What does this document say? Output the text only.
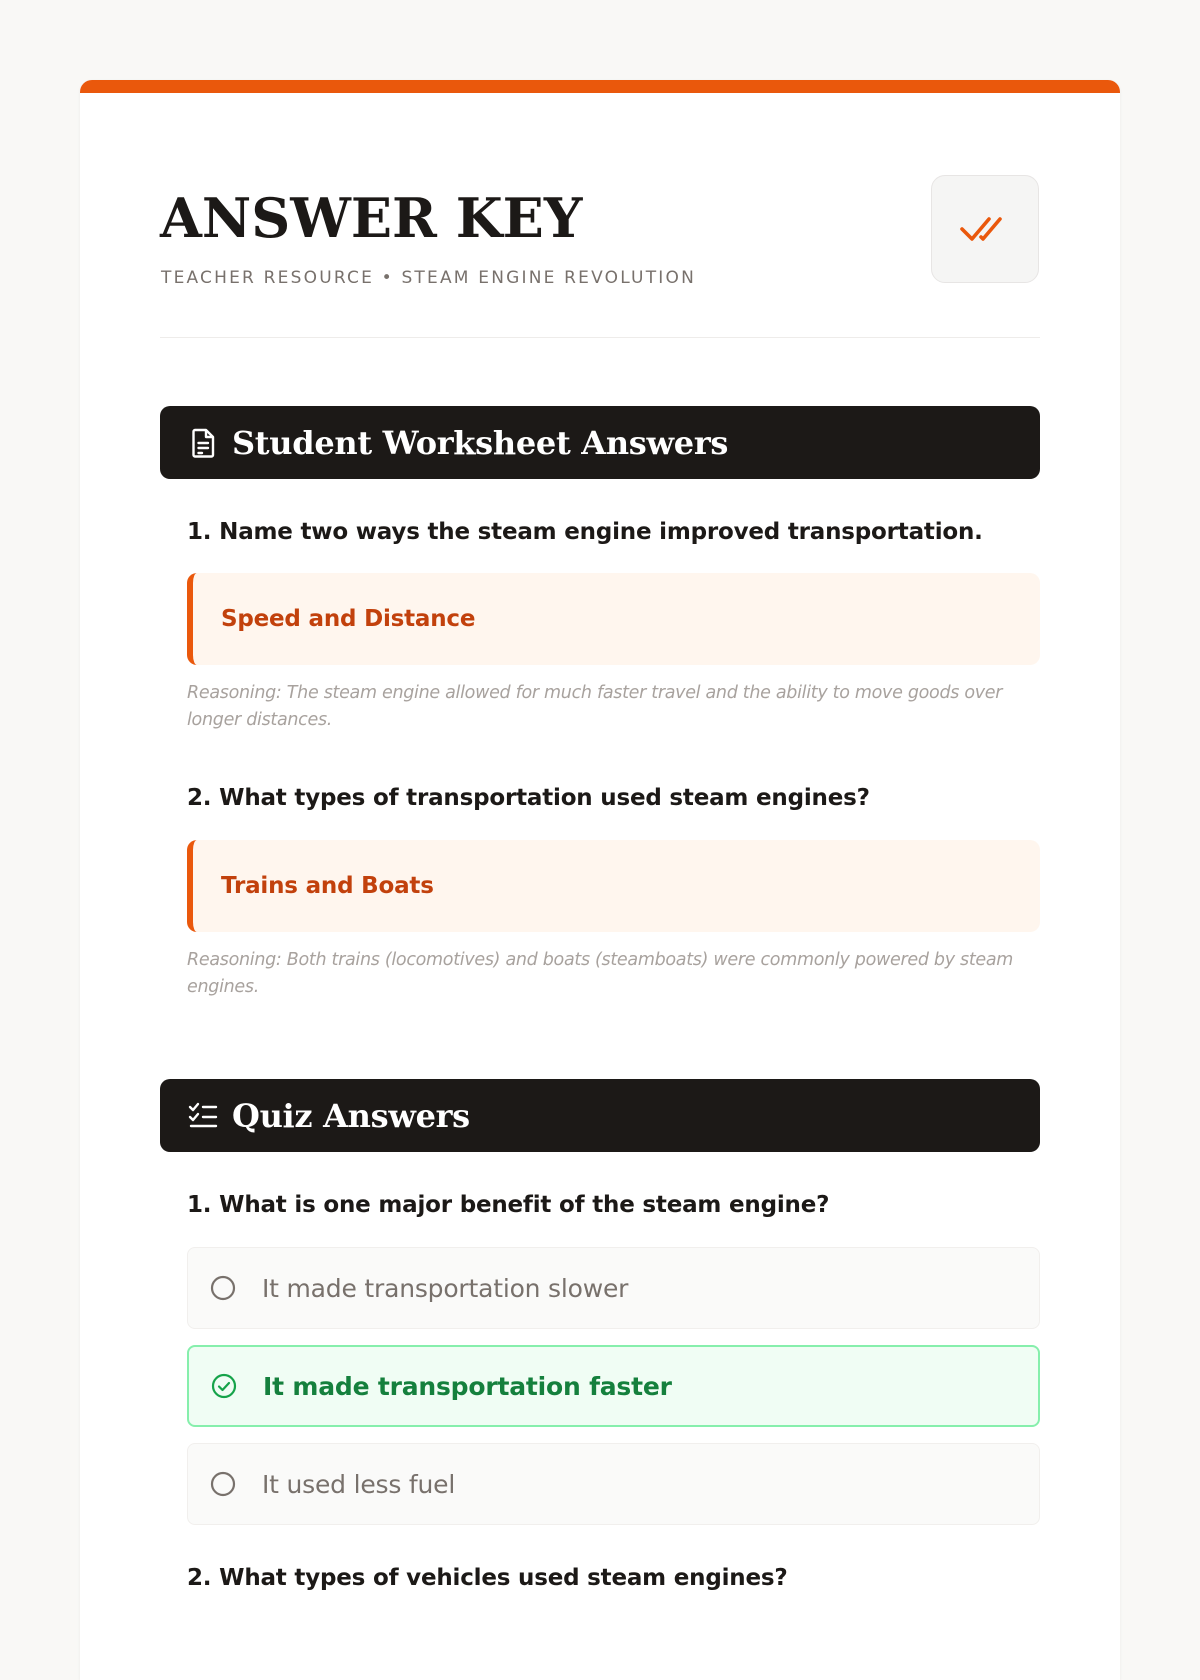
ANSWER KEY
TEACHER RESOURCE • STEAM ENGINE REVOLUTION
Student Worksheet Answers
1. Name two ways the steam engine improved transportation.
Speed and Distance
Reasoning: The steam engine allowed for much faster travel and the ability to move goods over longer distances.
2. What types of transportation used steam engines?
Trains and Boats
Reasoning: Both trains (locomotives) and boats (steamboats) were commonly powered by steam engines.
Quiz Answers
1. What is one major benefit of the steam engine?
It made transportation slower
It made transportation faster
It used less fuel
2. What types of vehicles used steam engines?
